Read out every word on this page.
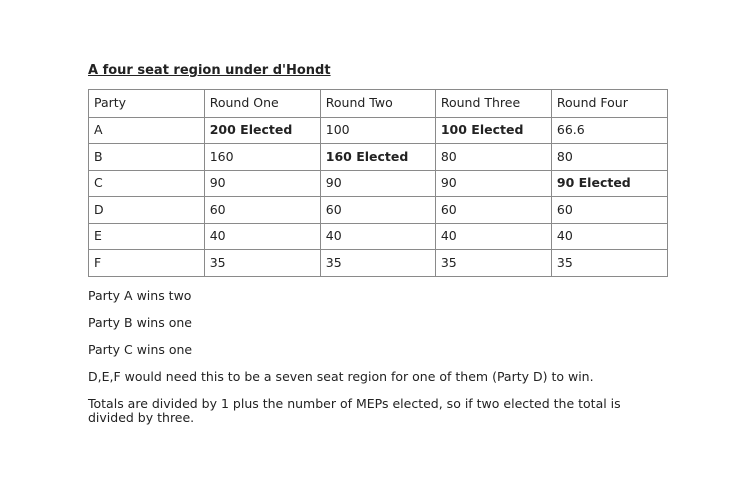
A four seat region under d'Hondt
Party	Round One	Round Two	Round Three	Round Four
A	200 Elected	100	100 Elected	66.6
B	160	160 Elected	80	80
C	90	90	90	90 Elected
D	60	60	60	60
E	40	40	40	40
F	35	35	35	35

Party A wins two

Party B wins one

Party C wins one

D,E,F would need this to be a seven seat region for one of them (Party D) to win.

Totals are divided by 1 plus the number of MEPs elected, so if two elected the total is divided by three.
